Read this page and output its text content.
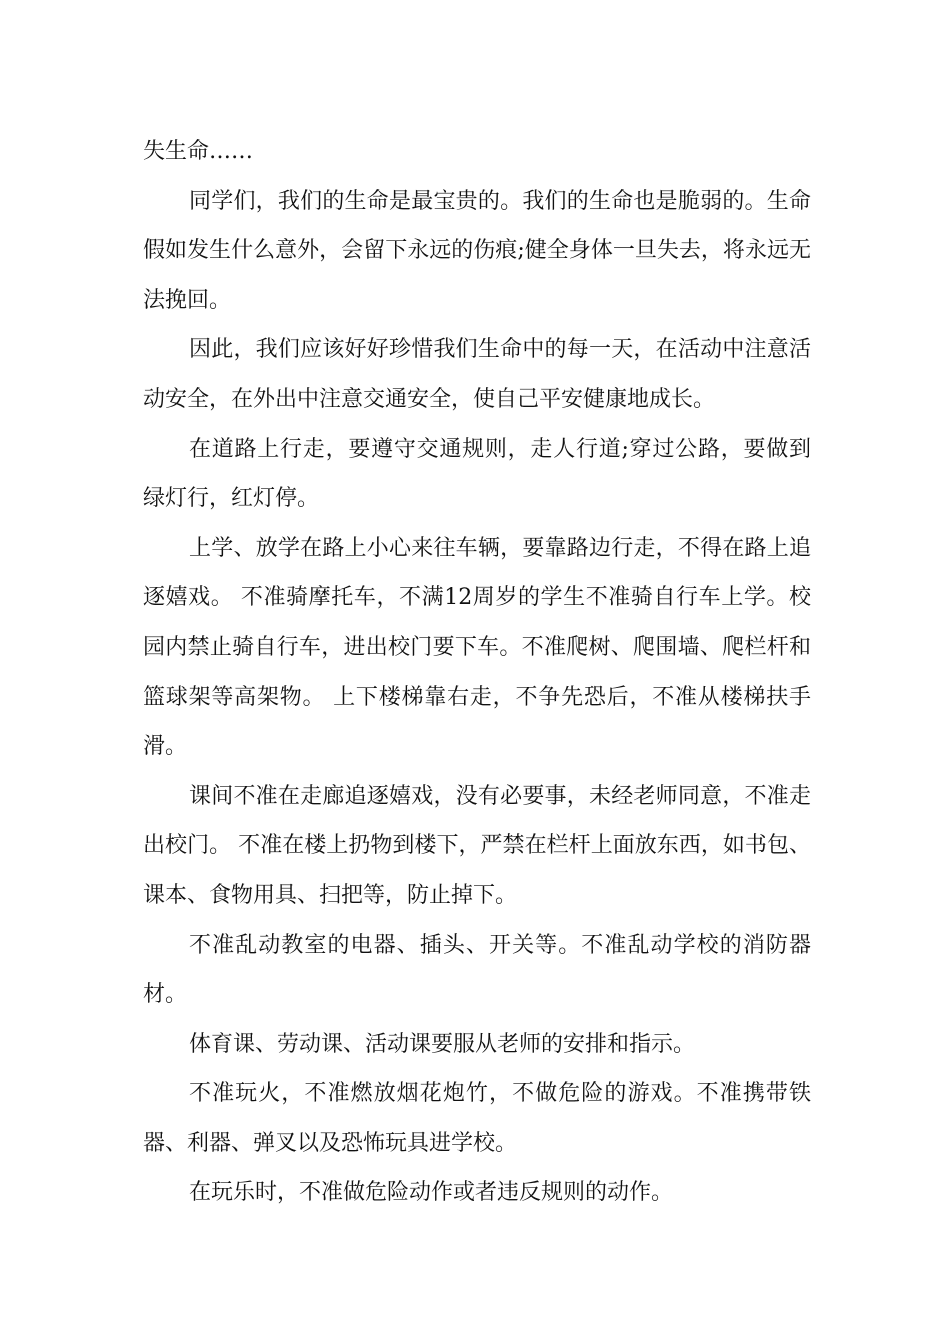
失生命……

同学们，我们的生命是最宝贵的。我们的生命也是脆弱的。生命假如发生什么意外，会留下永远的伤痕;健全身体一旦失去，将永远无法挽回。

因此，我们应该好好珍惜我们生命中的每一天，在活动中注意活动安全，在外出中注意交通安全，使自己平安健康地成长。

在道路上行走，要遵守交通规则，走人行道;穿过公路，要做到绿灯行，红灯停。

上学、放学在路上小心来往车辆，要靠路边行走，不得在路上追逐嬉戏。 不准骑摩托车，不满12周岁的学生不准骑自行车上学。校园内禁止骑自行车，进出校门要下车。不准爬树、爬围墙、爬栏杆和篮球架等高架物。 上下楼梯靠右走，不争先恐后，不准从楼梯扶手滑。

课间不准在走廊追逐嬉戏，没有必要事，未经老师同意，不准走出校门。 不准在楼上扔物到楼下，严禁在栏杆上面放东西，如书包、课本、食物用具、扫把等，防止掉下。

不准乱动教室的电器、插头、开关等。不准乱动学校的消防器材。

体育课、劳动课、活动课要服从老师的安排和指示。

不准玩火，不准燃放烟花炮竹，不做危险的游戏。不准携带铁器、利器、弹叉以及恐怖玩具进学校。

在玩乐时，不准做危险动作或者违反规则的动作。
